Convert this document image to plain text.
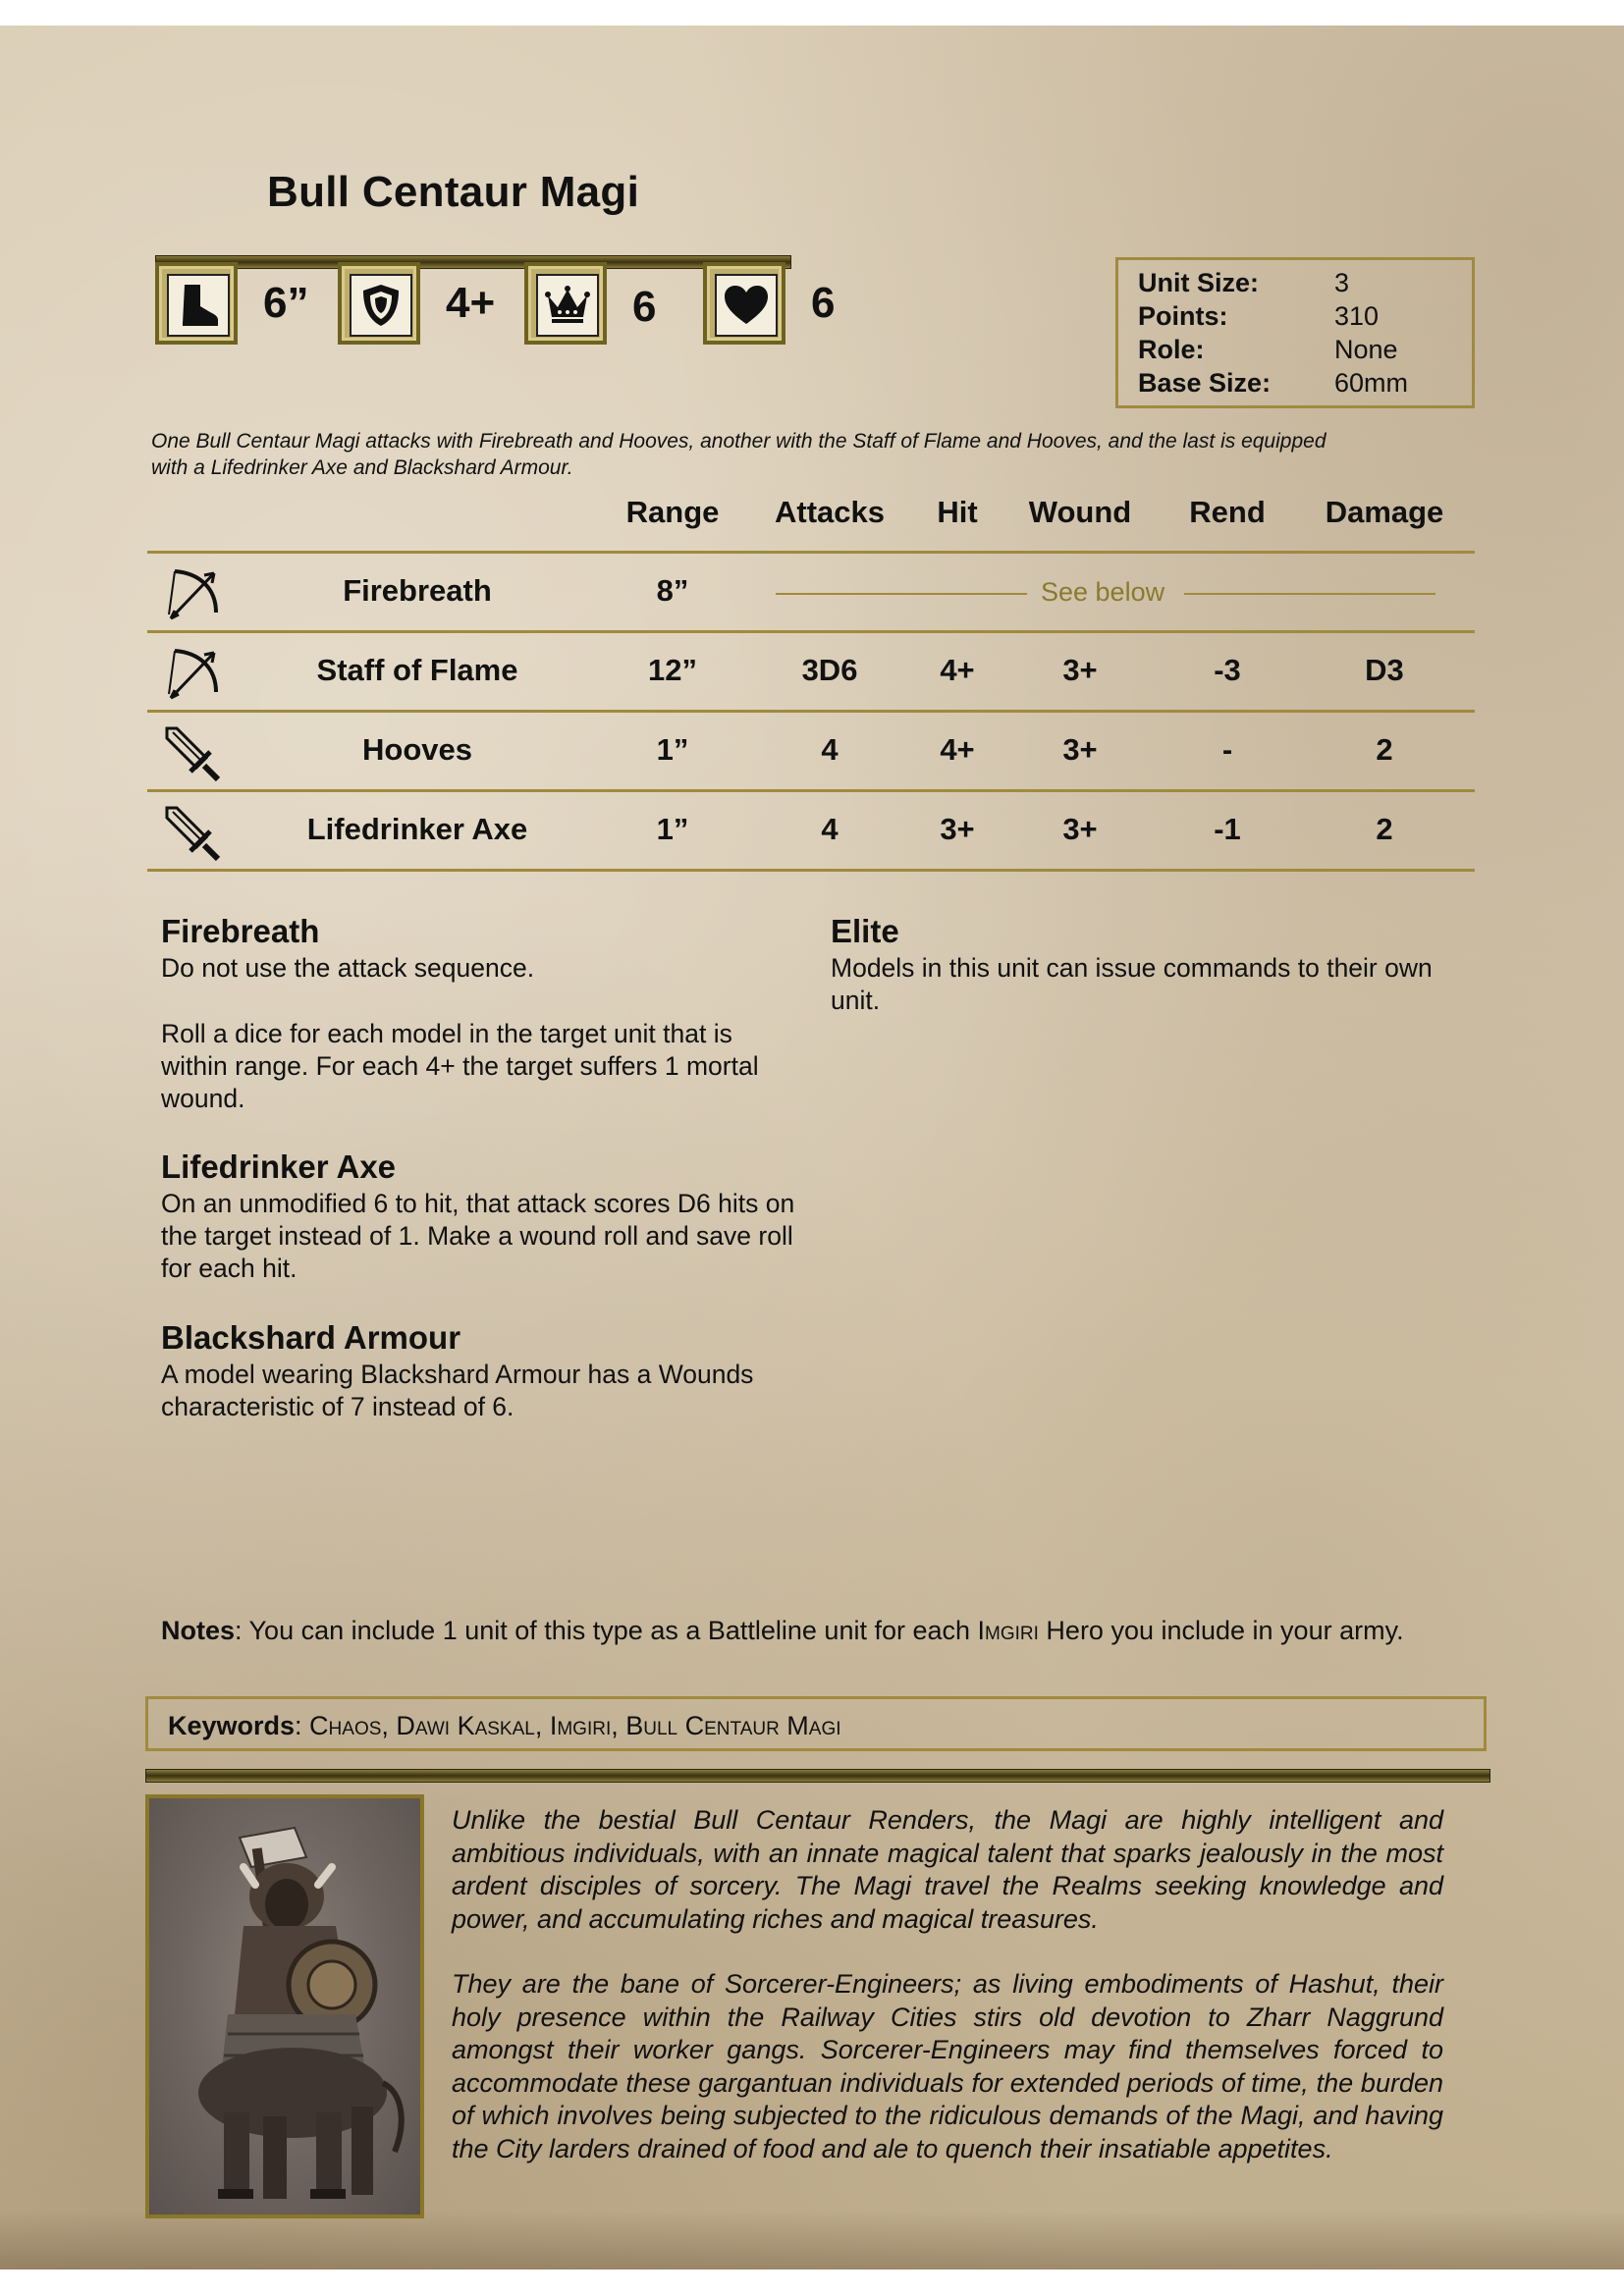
Bull Centaur Magi
6”	4+	6	6	Unit Size:	3
Points:	310
Role:	None
Base Size: 60mm
One Bull Centaur Magi attacks with Firebreath and Hooves, another with the Staff of Flame and Hooves, and the last is equipped with a Lifedrinker Axe and Blackshard Armour.
Range	Attacks	Hit	Wound	Rend	Damage
Firebreath	8”	See below
Staff of Flame	12”	3D6	4+	3+	-3	D3
Hooves	1”	4	4+	3+	-	2
Lifedrinker Axe	1”	4	3+	3+	-1	2
Firebreath
Do not use the attack sequence.
Roll a dice for each model in the target unit that is within range. For each 4+ the target suffers 1 mortal wound.
Lifedrinker Axe
On an unmodified 6 to hit, that attack scores D6 hits on the target instead of 1. Make a wound roll and save roll for each hit.
Blackshard Armour
A model wearing Blackshard Armour has a Wounds characteristic of 7 instead of 6.
Elite
Models in this unit can issue commands to their own unit.
Notes: You can include 1 unit of this type as a Battleline unit for each Imgiri Hero you include in your army.
Keywords: Chaos, Dawi Kaskal, Imgiri, Bull Centaur Magi

Unlike the bestial Bull Centaur Renders, the Magi are highly intelligent and ambitious individuals, with an innate magical talent that sparks jealously in the most ardent disciples of sorcery. The Magi travel the Realms seeking knowledge and power, and accumulating riches and magical treasures.

They are the bane of Sorcerer-Engineers; as living embodiments of Hashut, their holy presence within the Railway Cities stirs old devotion to Zharr Naggrund amongst their worker gangs. Sorcerer-Engineers may find themselves forced to accommodate these gargantuan individuals for extended periods of time, the burden of which involves being subjected to the ridiculous demands of the Magi, and having the City larders drained of food and ale to quench their insatiable appetites.
